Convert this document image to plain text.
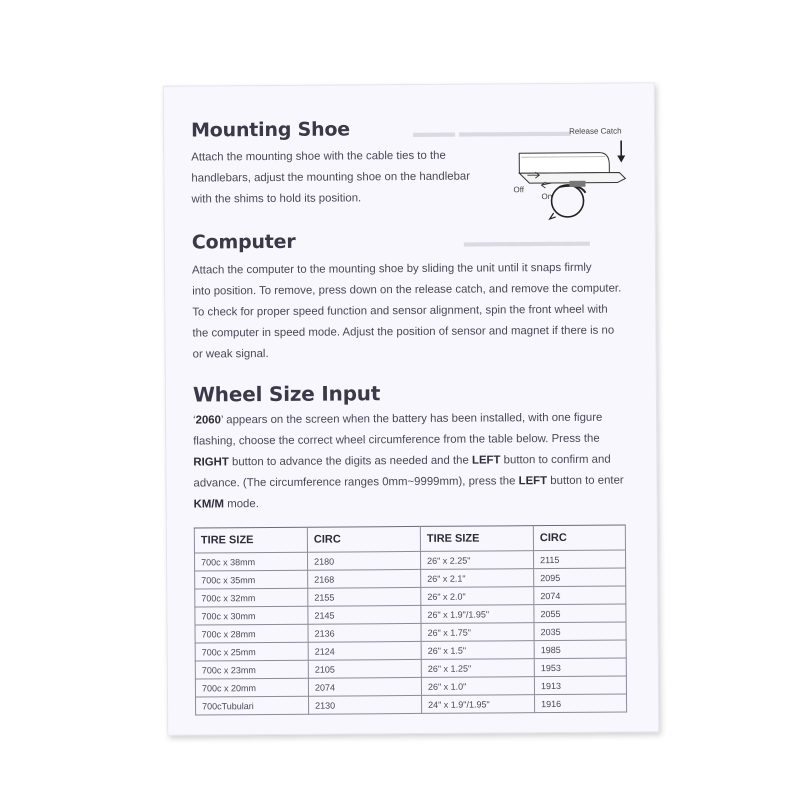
▬▬▬ ▬▬▬▬▬▬▬▬
▬▬▬▬▬▬▬▬▬
Mounting Shoe

Attach the mounting shoe with the cable ties to the

handlebars, adjust the mounting shoe on the handlebar

with the shims to hold its position.

Release Catch
Off
On
Computer

Attach the computer to the mounting shoe by sliding the unit until it snaps firmly

into position. To remove, press down on the release catch, and remove the computer.

To check for proper speed function and sensor alignment, spin the front wheel with

the computer in speed mode. Adjust the position of sensor and magnet if there is no

or weak signal.

Wheel Size Input

‘2060’ appears on the screen when the battery has been installed, with one figure

flashing, choose the correct wheel circumference from the table below. Press the

RIGHT button to advance the digits as needed and the LEFT button to confirm and

advance. (The circumference ranges 0mm~9999mm), press the LEFT button to enter

KM/M mode.

TIRE SIZE	CIRC	TIRE SIZE	CIRC
700c x 38mm	2180	26" x 2.25"	2115
700c x 35mm	2168	26" x 2.1"	2095
700c x 32mm	2155	26" x 2.0"	2074
700c x 30mm	2145	26" x 1.9"/1.95"	2055
700c x 28mm	2136	26" x 1.75"	2035
700c x 25mm	2124	26" x 1.5"	1985
700c x 23mm	2105	26" x 1.25"	1953
700c x 20mm	2074	26" x 1.0"	1913
700cTubulari	2130	24" x 1.9"/1.95"	1916
